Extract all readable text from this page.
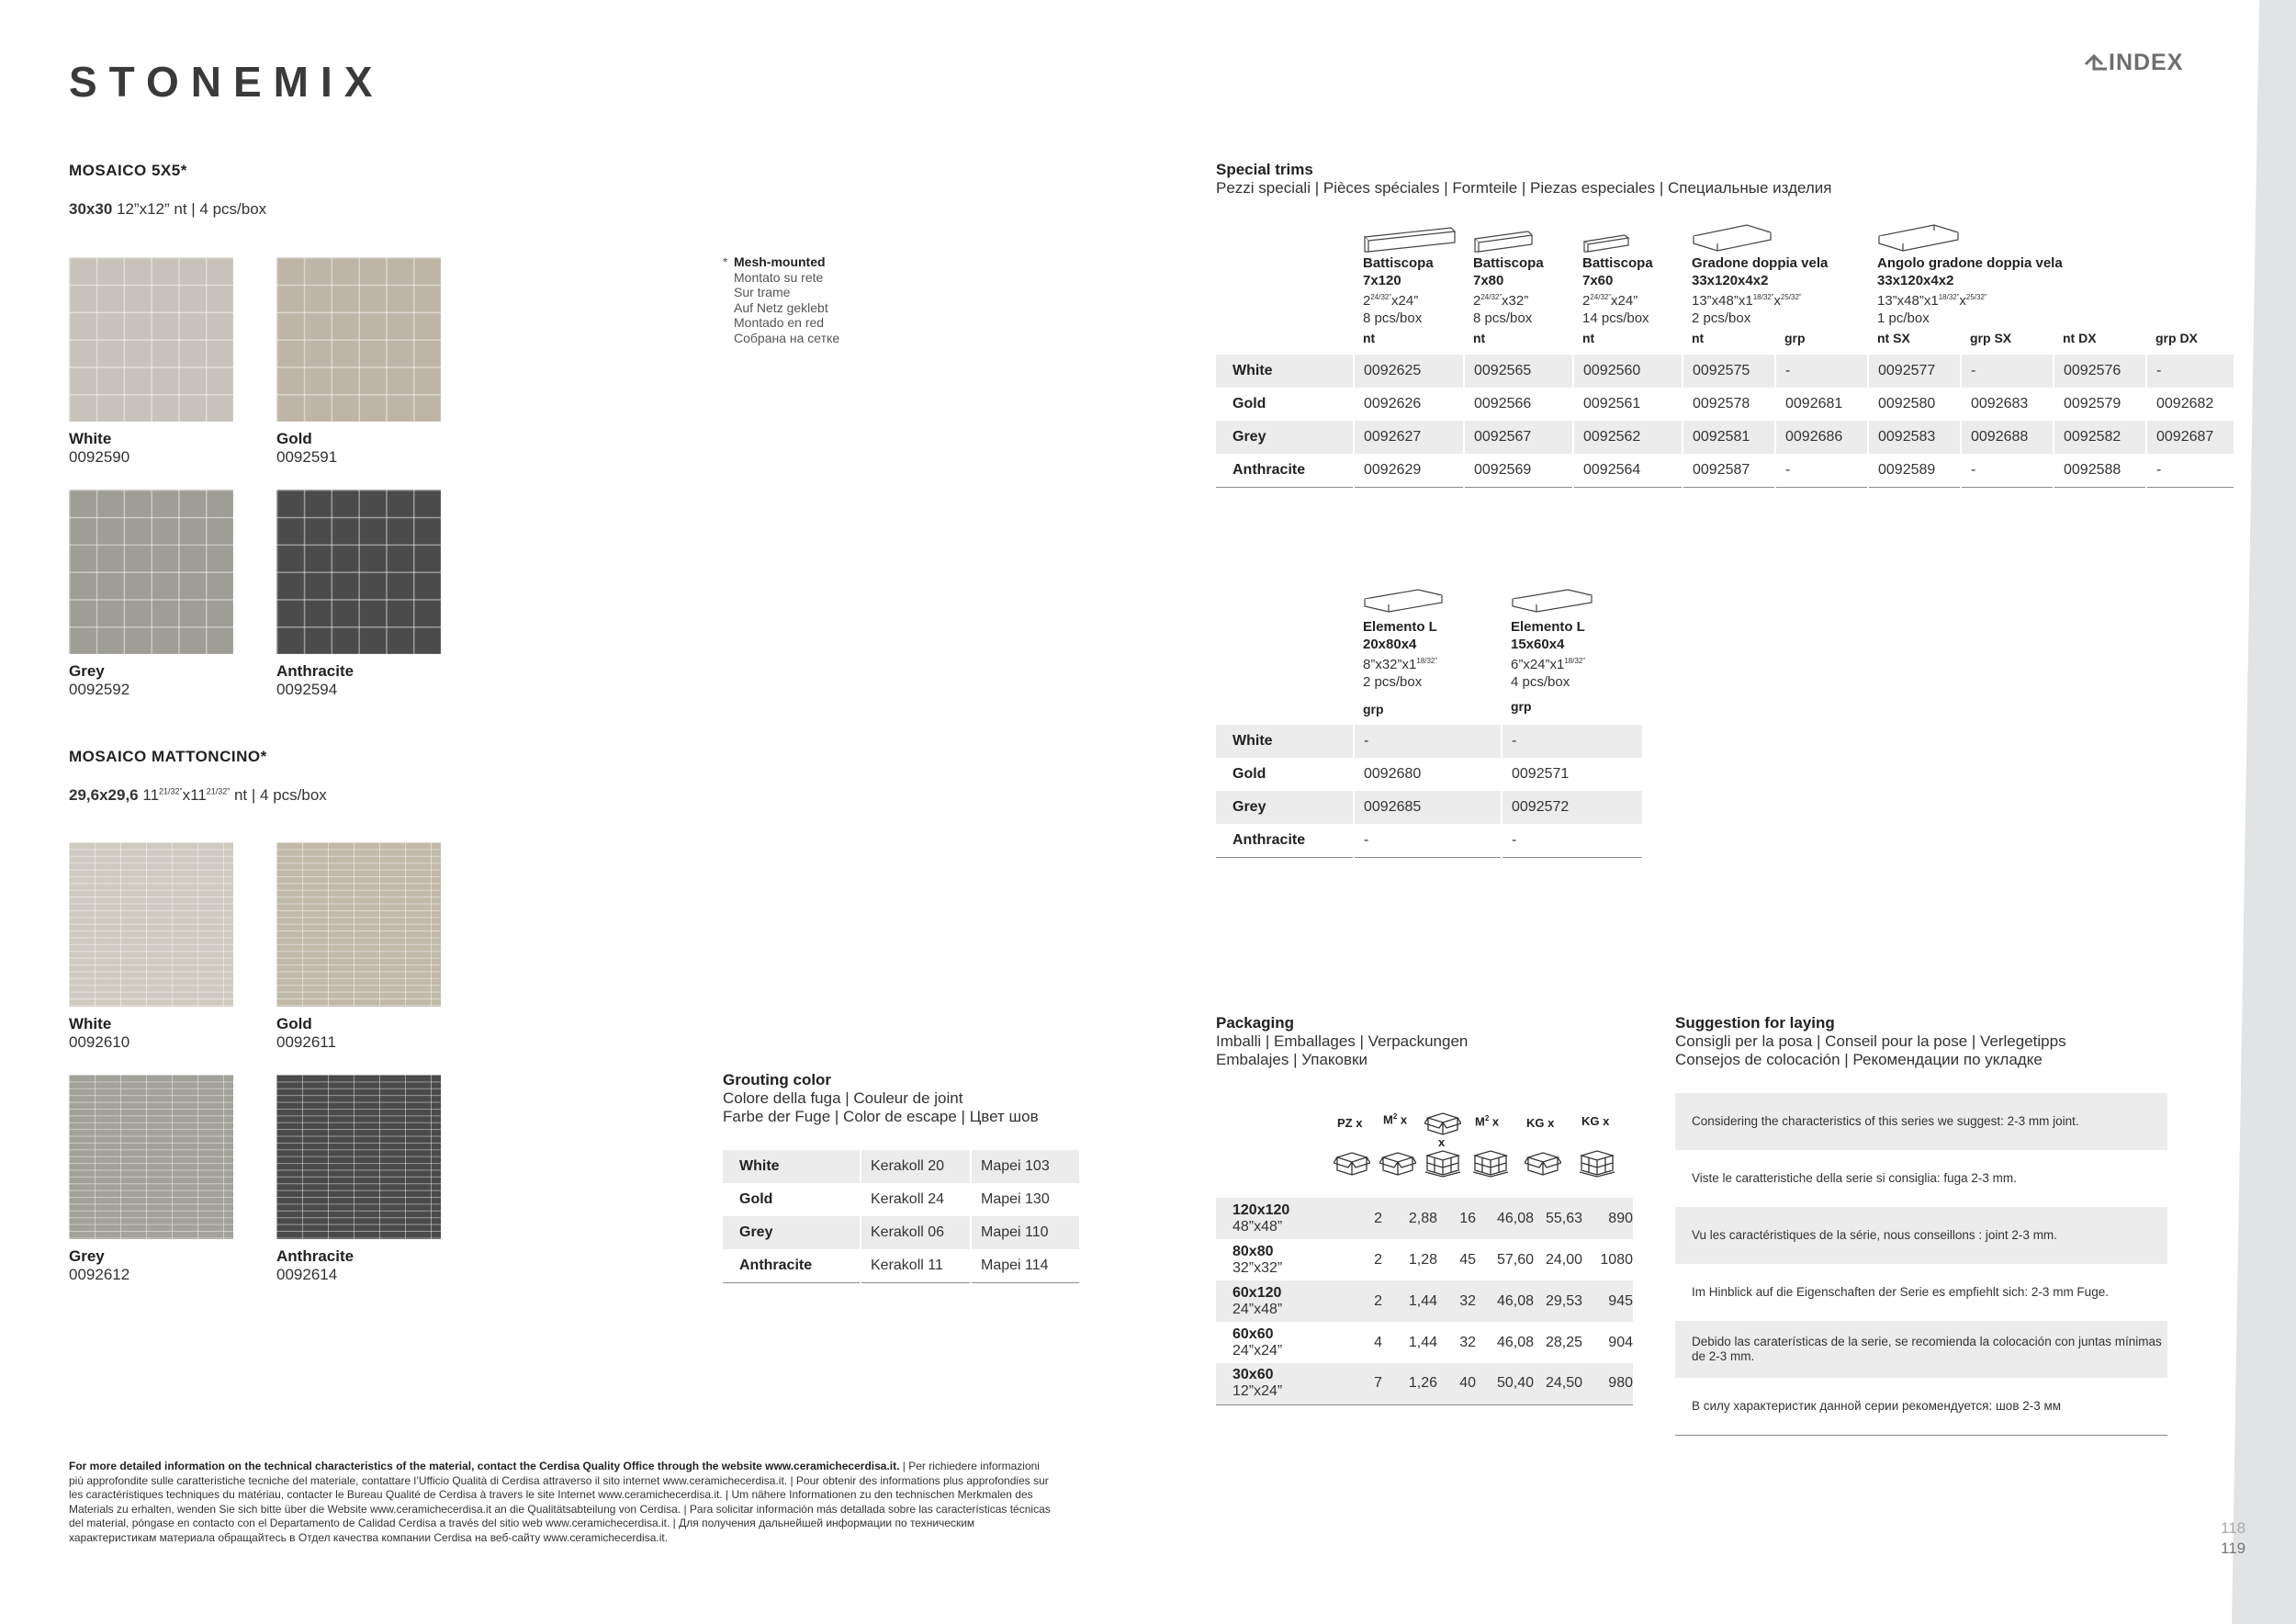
STONEMIX	INDEX
MOSAICO 5X5*
30x30 12”x12” nt | 4 pcs/box
White
0092590
Gold
0092591
Grey
0092592
Anthracite
0092594
MOSAICO MATTONCINO*
29,6x29,6 $11^{21/32”}x11^{21/32”}$ nt | 4 pcs/box
White
0092610
Gold
0092611
Grey
0092612
Anthracite
0092614
* Mesh-mounted
Montato su rete
Sur trame
Auf Netz geklebt
Montado en red
Собрана на сетке
Special trims
Pezzi speciali | Pièces spéciales | Formteile | Piezas especiales | Специальные изделия
Battiscopa
7x120
$2^{24/32”}x24$”
8 pcs/box
Battiscopa
7x80
$2^{24/32”}x32$”
8 pcs/box
Battiscopa
7x60
$2^{24/32”}x24$”
14 pcs/box
Gradone doppia vela
33x120x4x2
$13”x48”x1^{18/32”}x^{25/32”}$
2 pcs/box
Angolo gradone doppia vela
33x120x4x2
$13”x48”x1^{18/32”}x^{25/32”}$
1 pc/box
nt	nt	nt	nt	grp	nt SX	grp SX	nt DX	grp DX
White	0092625	0092565	0092560	0092575	-	0092577	-	0092576	-
Gold	0092626	0092566	0092561	0092578	0092681	0092580	0092683	0092579	0092682
Grey	0092627	0092567	0092562	0092581	0092686	0092583	0092688	0092582	0092687
Anthracite	0092629	0092569	0092564	0092587	-	0092589	-	0092588	-
Elemento L
20x80x4
$8”x32”x1^{18/32”}$
2 pcs/box
Elemento L
15x60x4
$6”x24”x1^{18/32”}$
4 pcs/box
grp	grp
White	-	-
Gold	0092680	0092571
Grey	0092685	0092572
Anthracite	-	-
Grouting color
Colore della fuga | Couleur de joint
Farbe der Fuge | Color de escape | Цвет шов
White	Kerakoll 20	Mapei 103
Gold	Kerakoll 24	Mapei 130
Grey	Kerakoll 06	Mapei 110
Anthracite	Kerakoll 11	Mapei 114
Packaging
Imballi | Emballages | Verpackungen
Embalajes | Упаковки
PZ x $M^2$ x
x
$M^2$ x KG x KG x
120x120
48”x48”	2	2,88	16	46,08	55,63	890

80x80
32”x32”	2	1,28	45	57,60	24,00	1080

60x120
24”x48”	2	1,44	32	46,08	29,53	945

60x60
24”x24”	4	1,44	32	46,08	28,25	904

30x60
12”x24”	7	1,26	40	50,40	24,50	980
Suggestion for laying
Consigli per la posa | Conseil pour la pose | Verlegetipps
Consejos de colocación | Рекомендации по укладке
Considering the characteristics of this series we suggest: 2-3 mm joint.
Viste le caratteristiche della serie si consiglia: fuga 2-3 mm.
Vu les caractéristiques de la série, nous conseillons : joint 2-3 mm.
Im Hinblick auf die Eigenschaften der Serie es empfiehlt sich: 2-3 mm Fuge.
Debido las caraterísticas de la serie, se recomienda la colocación con juntas mínimas de 2-3 mm.
В силу характеристик данной серии рекомендуется: шов 2-3 мм
For more detailed information on the technical characteristics of the material, contact the Cerdisa Quality Office through the website www.ceramichecerdisa.it. | Per richiedere informazioni più approfondite sulle caratteristiche tecniche del materiale, contattare l’Ufficio Qualità di Cerdisa attraverso il sito internet www.ceramichecerdisa.it. | Pour obtenir des informations plus approfondies sur les caractéristiques techniques du matériau, contacter le Bureau Qualité de Cerdisa à travers le site Internet www.ceramichecerdisa.it. | Um nähere Informationen zu den technischen Merkmalen des Materials zu erhalten, wenden Sie sich bitte über die Website www.ceramichecerdisa.it an die Qualitätsabteilung von Cerdisa. | Para solicitar información más detallada sobre las características técnicas del material, póngase en contacto con el Departamento de Calidad Cerdisa a través del sitio web www.ceramichecerdisa.it. | Для получения дальнейшей информации по техническим характеристикам материала обращайтесь в Отдел качества компании Cerdisa на веб-сайту www.ceramichecerdisa.it.
118
119
